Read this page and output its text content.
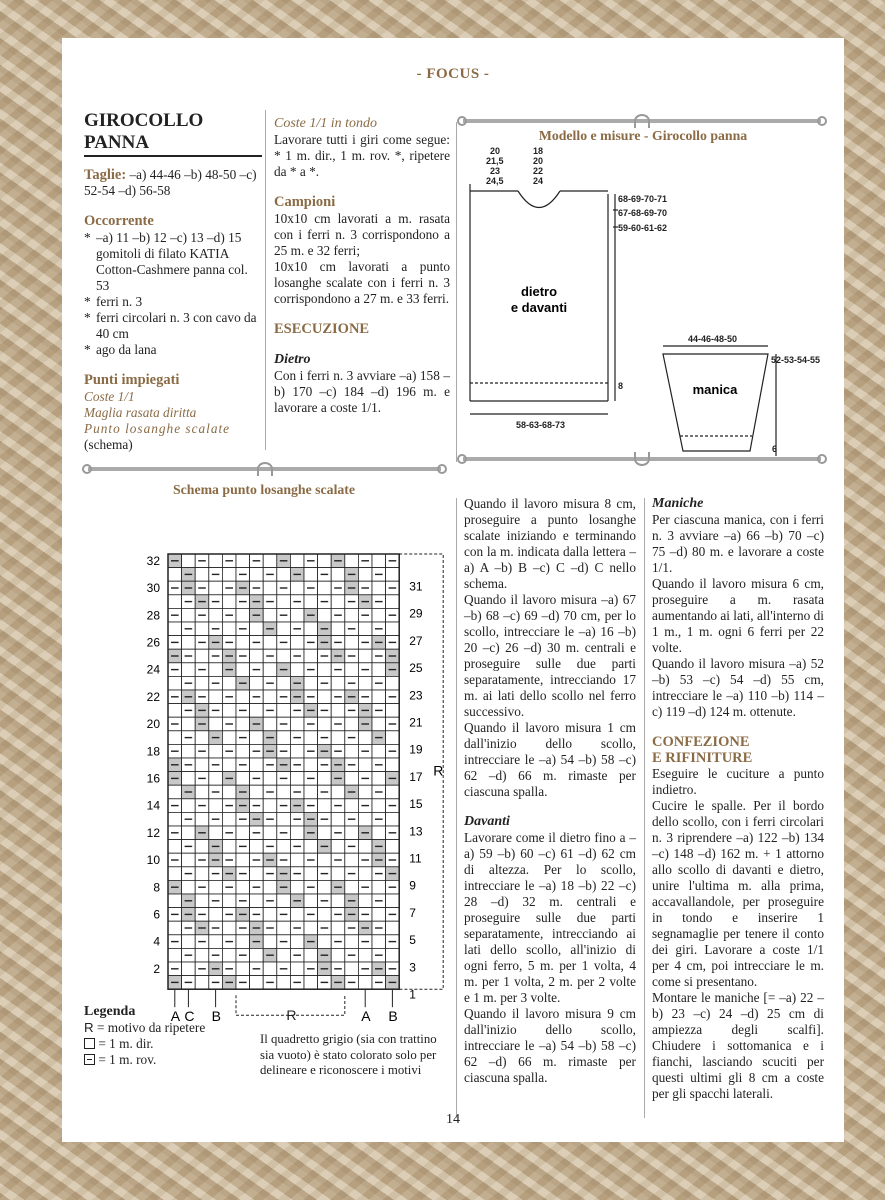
- FOCUS -
GIROCOLLO PANNA

Taglie: –a) 44-46 –b) 48-50 –c) 52-54 –d) 56-58

Occorrente
* –a) 11 –b) 12 –c) 13 –d) 15 gomitoli di filato KATIA Cotton-Cashmere panna col. 53
* ferri n. 3
* ferri circolari n. 3 con cavo da 40 cm
* ago da lana
Punti impiegati

Coste 1/1

Maglia rasata diritta

Punto losanghe scalate

(schema)

Coste 1/1 in tondo

Lavorare tutti i giri come segue: * 1 m. dir., 1 m. rov. *, ripetere da * a *.

Campioni

10x10 cm lavorati a m. rasata con i ferri n. 3 corrispondono a 25 m. e 32 ferri;

10x10 cm lavorati a punto losanghe scalate con i ferri n. 3 corrispondono a 27 m. e 33 ferri.

ESECUZIONE

Dietro

Con i ferri n. 3 avviare –a) 158 –b) 170 –c) 184 –d) 196 m. e lavorare a coste 1/1.

Modello e misure - Girocollo panna
20
21,5
23
24,5
18
20
22
24
68-69-70-71
67-68-69-70
59-60-61-62
8
58-63-68-73
44-46-48-50
52-53-54-55
6
dietro
e davanti
manica
Schema punto losanghe scalate
32
30
28
26
24
22
20
18
16
14
12
10
8
6
4
2
31
29
27
25
23
21
19
17
15
13
11
9
7
5
3
1
R
A C B	A B
R
Legenda
R = motivo da ripetere
= 1 m. dir.
= 1 m. rov.

Il quadretto grigio (sia con trattino sia vuoto) è stato colorato solo per delineare e riconoscere i motivi

Quando il lavoro misura 8 cm, proseguire a punto losanghe scalate iniziando e terminando con la m. indicata dalla lettera –a) A –b) B –c) C –d) C nello schema.

Quando il lavoro misura –a) 67 –b) 68 –c) 69 –d) 70 cm, per lo scollo, intrecciare le –a) 16 –b) 20 –c) 26 –d) 30 m. centrali e proseguire sulle due parti separatamente, intrecciando 17 m. ai lati dello scollo nel ferro successivo.

Quando il lavoro misura 1 cm dall'inizio dello scollo, intrecciare le –a) 54 –b) 58 –c) 62 –d) 66 m. rimaste per ciascuna spalla.

Davanti

Lavorare come il dietro fino a –a) 59 –b) 60 –c) 61 –d) 62 cm di altezza. Per lo scollo, intrecciare le –a) 18 –b) 22 –c) 28 –d) 32 m. centrali e proseguire sulle due parti separatamente, intrecciando ai lati dello scollo, all'inizio di ogni ferro, 5 m. per 1 volta, 4 m. per 1 volta, 2 m. per 2 volte e 1 m. per 3 volte.

Quando il lavoro misura 9 cm dall'inizio dello scollo, intrecciare le –a) 54 –b) 58 –c) 62 –d) 66 m. rimaste per ciascuna spalla.

Maniche

Per ciascuna manica, con i ferri n. 3 avviare –a) 66 –b) 70 –c) 75 –d) 80 m. e lavorare a coste 1/1.

Quando il lavoro misura 6 cm, proseguire a m. rasata aumentando ai lati, all'interno di 1 m., 1 m. ogni 6 ferri per 22 volte.

Quando il lavoro misura –a) 52 –b) 53 –c) 54 –d) 55 cm, intrecciare le –a) 110 –b) 114 –c) 119 –d) 124 m. ottenute.

CONFEZIONE
E RIFINITURE

Eseguire le cuciture a punto indietro.

Cucire le spalle. Per il bordo dello scollo, con i ferri circolari n. 3 riprendere –a) 122 –b) 134 –c) 148 –d) 162 m. + 1 attorno allo scollo di davanti e dietro, unire l'ultima m. alla prima, accavallandole, per proseguire in tondo e inserire 1 segnamaglie per tenere il conto dei giri. Lavorare a coste 1/1 per 4 cm, poi intrecciare le m. come si presentano.

Montare le maniche [= –a) 22 –b) 23 –c) 24 –d) 25 cm di ampiezza degli scalfi]. Chiudere i sottomanica e i fianchi, lasciando scuciti per questi ultimi gli 8 cm a coste per gli spacchi laterali.

14
